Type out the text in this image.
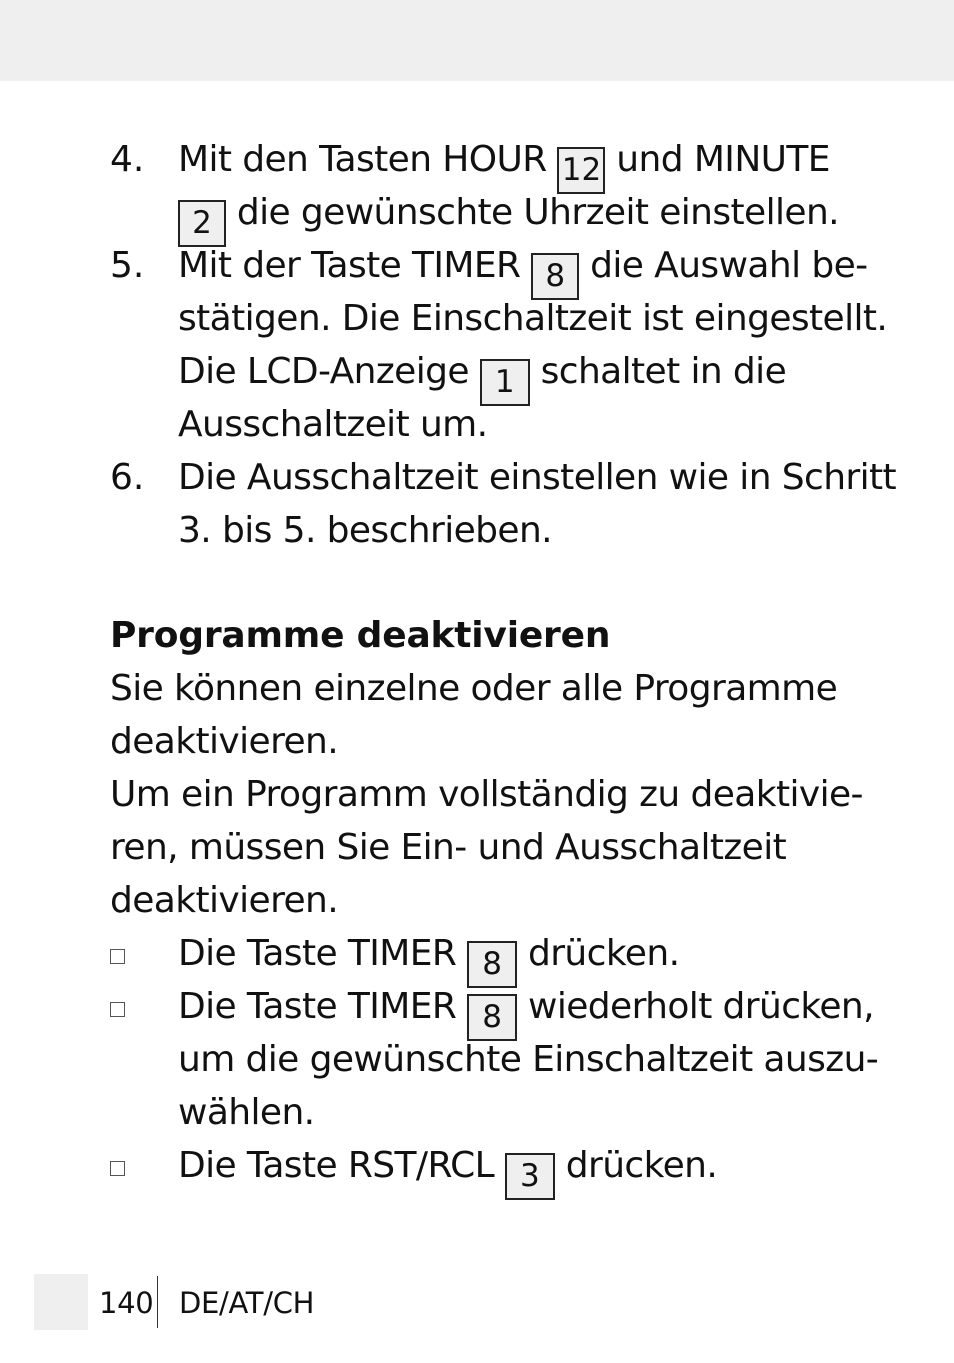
4. Mit den Tasten HOUR 12 und MINUTE
2 die gewünschte Uhrzeit einstellen.
5. Mit der Taste TIMER 8 die Auswahl be-
stätigen. Die Einschaltzeit ist eingestellt.
Die LCD-Anzeige 1 schaltet in die
Ausschaltzeit um.
6. Die Ausschaltzeit einstellen wie in Schritt
3. bis 5. beschrieben.
Programme deaktivieren
Sie können einzelne oder alle Programme
deaktivieren.
Um ein Programm vollständig zu deaktivie-
ren, müssen Sie Ein- und Ausschaltzeit
deaktivieren.
Die Taste TIMER 8 drücken.
Die Taste TIMER 8 wiederholt drücken,
um die gewünschte Einschaltzeit auszu-
wählen.
Die Taste RST/RCL 3 drücken.
140 DE/AT/CH
